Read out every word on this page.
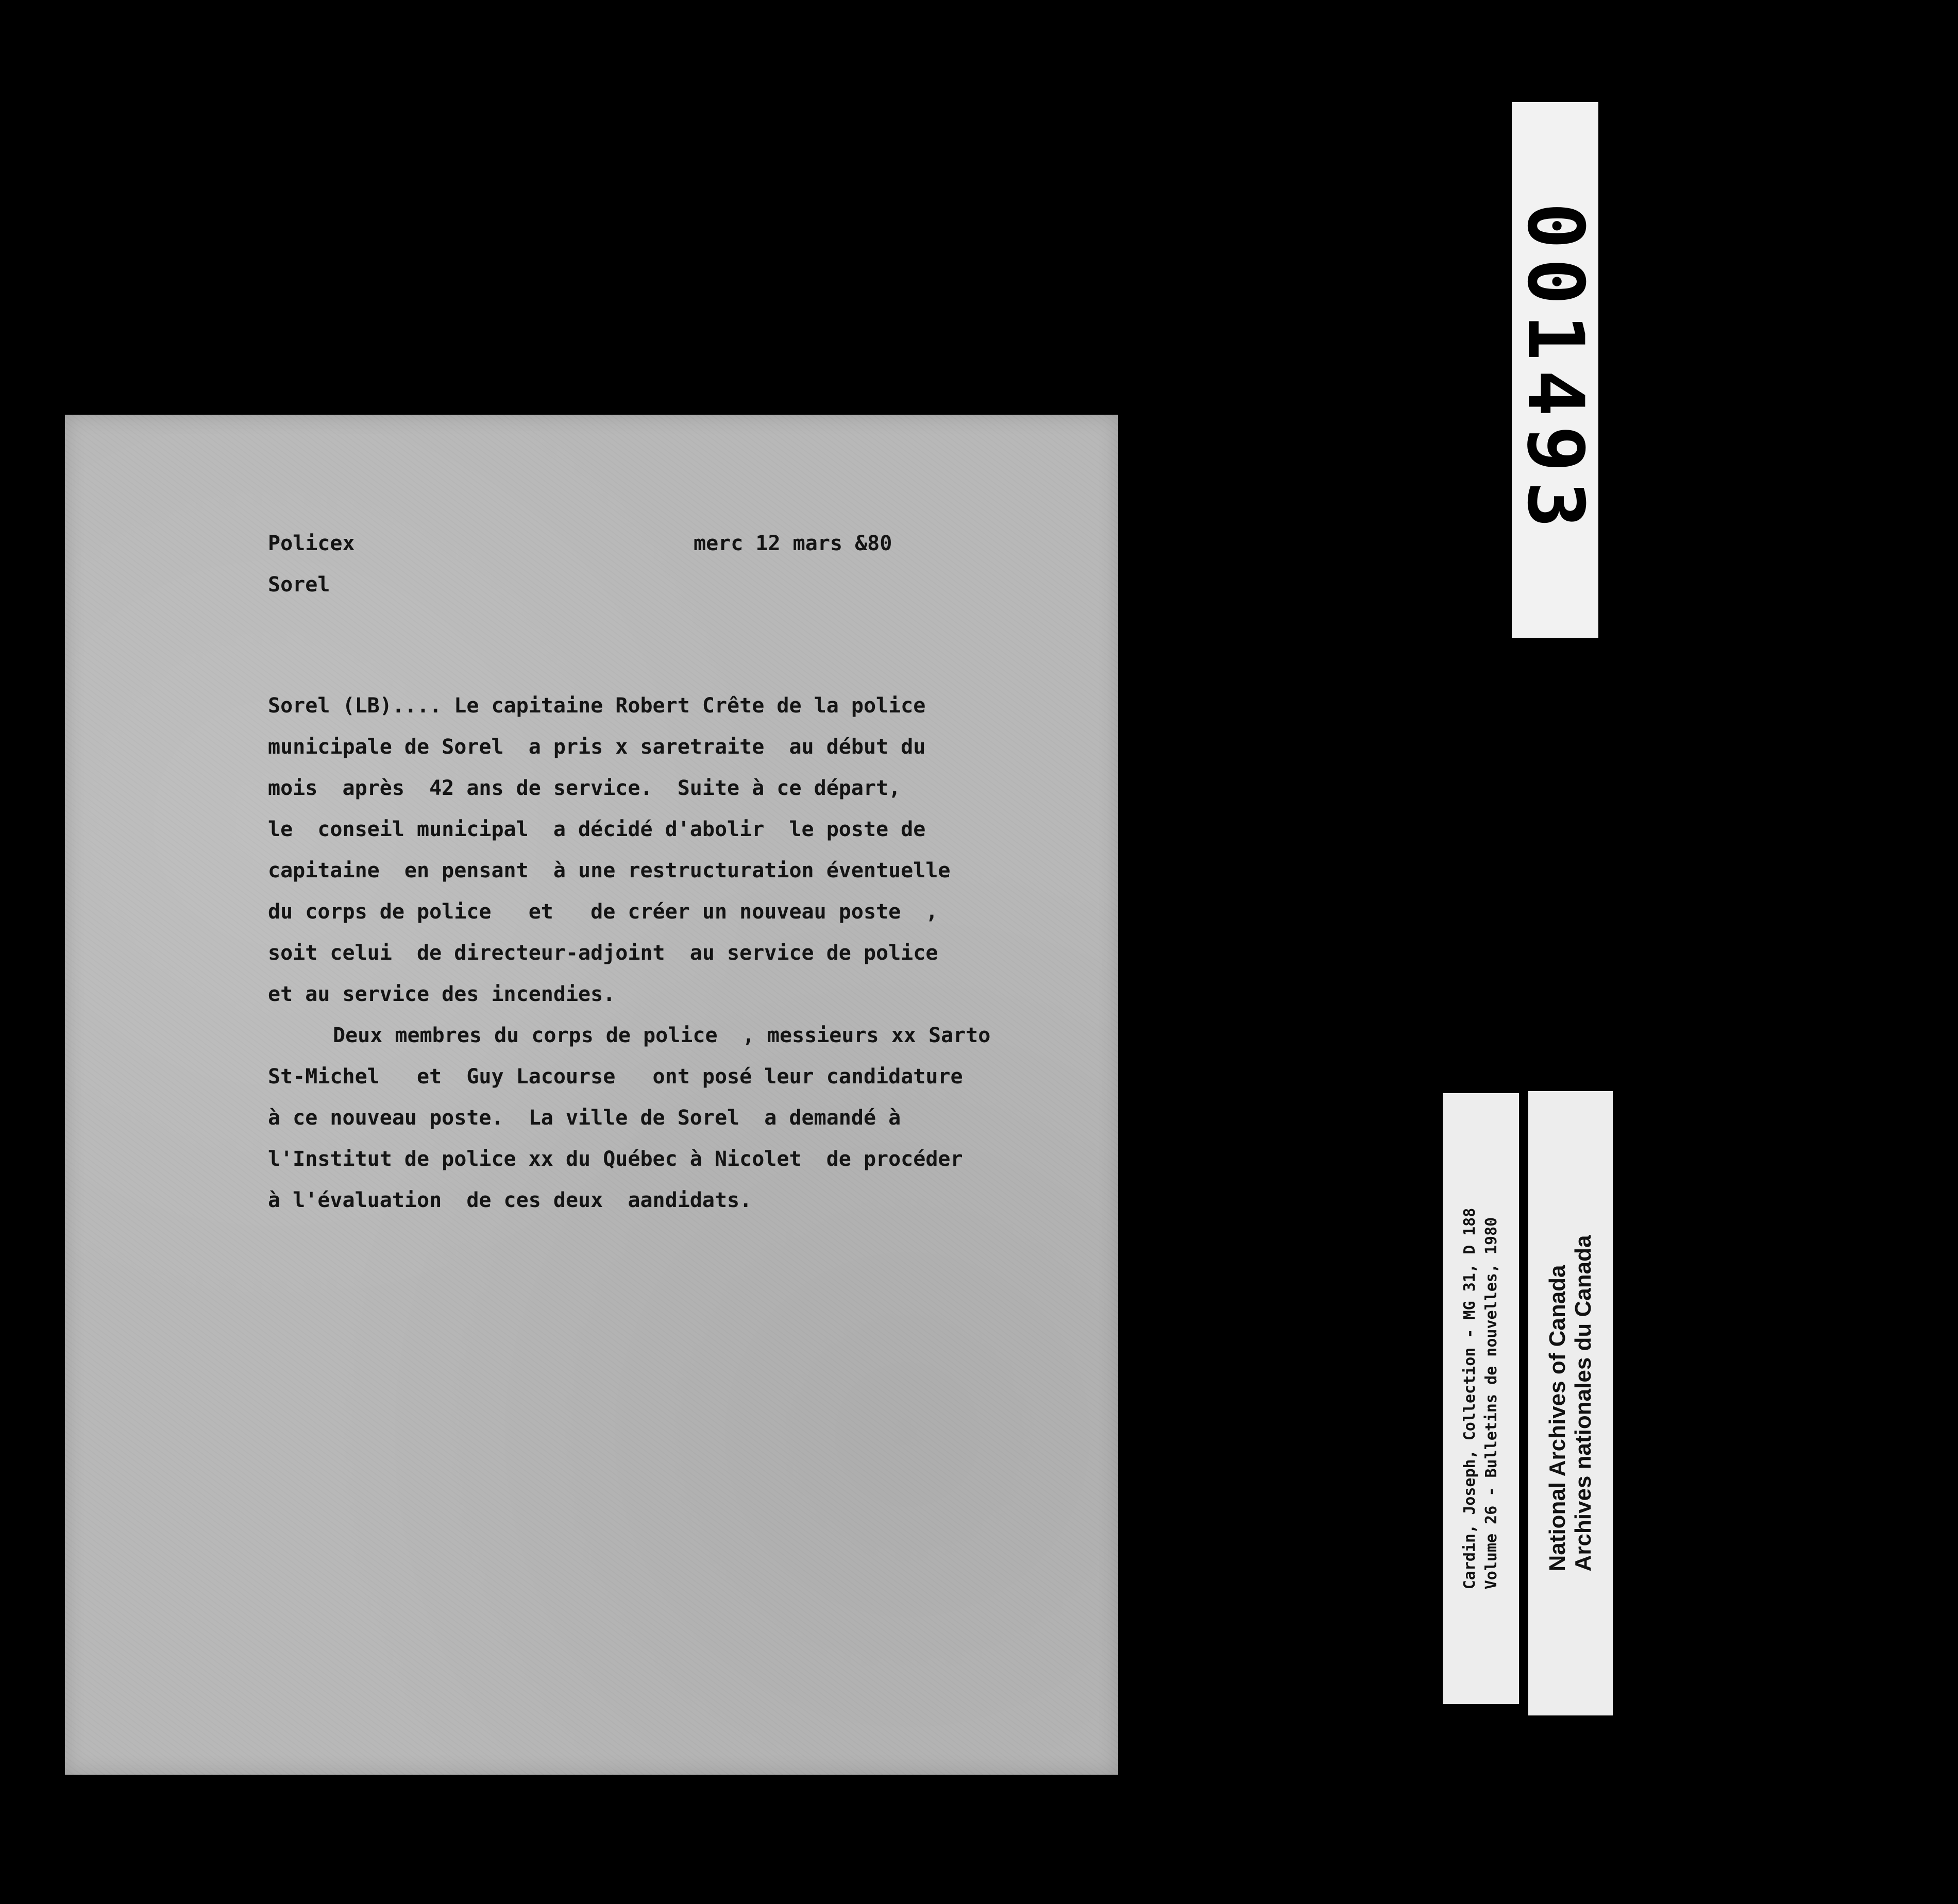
Policex
Sorel
merc 12 mars &80
Sorel (LB).... Le capitaine Robert Crête de la police
municipale de Sorel  a pris x saretraite  au début du
mois  après  42 ans de service.  Suite à ce départ,
le  conseil municipal  a décidé d'abolir  le poste de
capitaine  en pensant  à une restructuration éventuelle
du corps de police   et   de créer un nouveau poste  ,
soit celui  de directeur-adjoint  au service de police
et au service des incendies.
Deux membres du corps de police  , messieurs xx Sarto
St-Michel   et  Guy Lacourse   ont posé leur candidature
à ce nouveau poste.  La ville de Sorel  a demandé à
l'Institut de police xx du Québec à Nicolet  de procéder
à l'évaluation  de ces deux  aandidats.
001493
Cardin, Joseph, Collection - MG 31, D 188 Volume 26 - Bulletins de nouvelles, 1980 National Archives of Canada
Archives nationales du Canada
